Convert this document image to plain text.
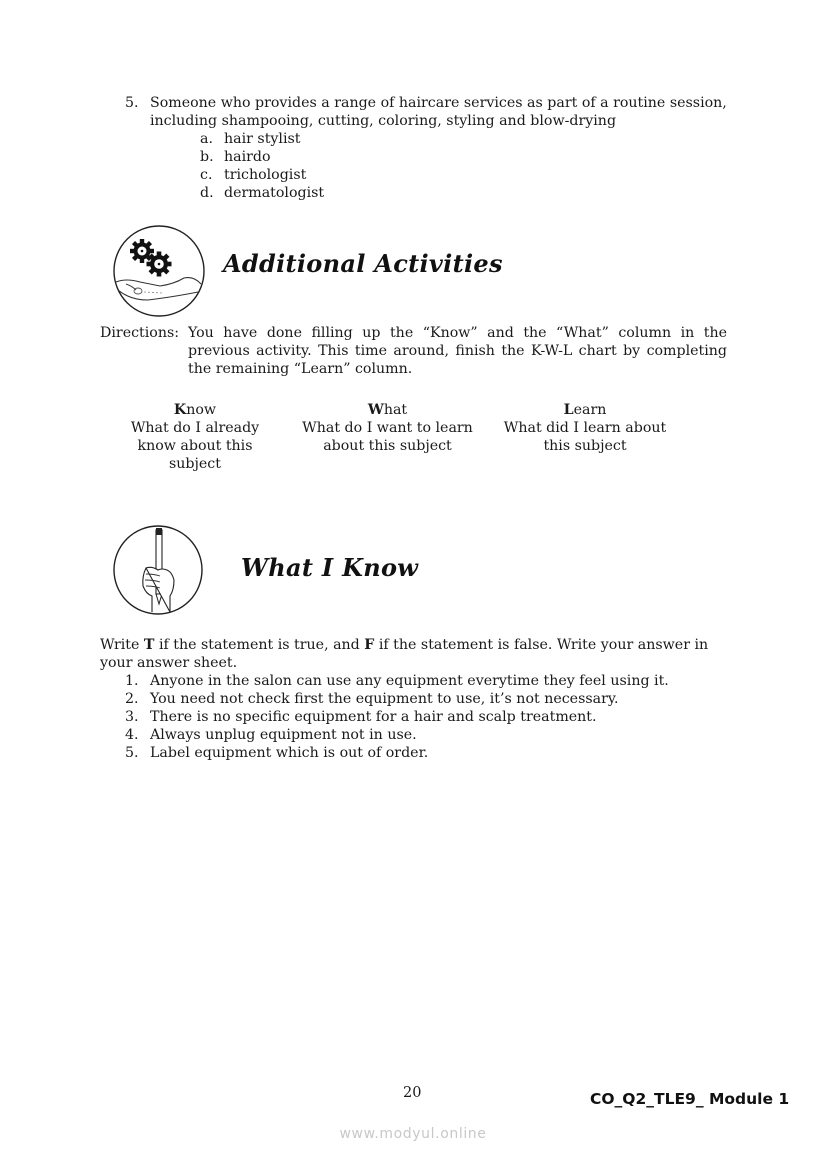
5. Someone who provides a range of haircare services as part of a routine session, including shampooing, cutting, coloring, styling and blow-drying
a. hair stylist
b. hairdo
c. trichologist
d. dermatologist
Additional Activities
Directions: You have done filling up the “Know” and the “What” column in the previous activity. This time around, finish the K-W-L chart by completing the remaining “Learn” column.
Know
What do I already know about this subject
What
What do I want to learn about this subject
Learn
What did I learn about this subject
What I Know
Write T if the statement is true, and F if the statement is false. Write your answer in your answer sheet.
1. Anyone in the salon can use any equipment everytime they feel using it.
2. You need not check first the equipment to use, it’s not necessary.
3. There is no specific equipment for a hair and scalp treatment.
4. Always unplug equipment not in use.
5. Label equipment which is out of order.
20	CO_Q2_TLE9_ Module 1
www.modyul.online
